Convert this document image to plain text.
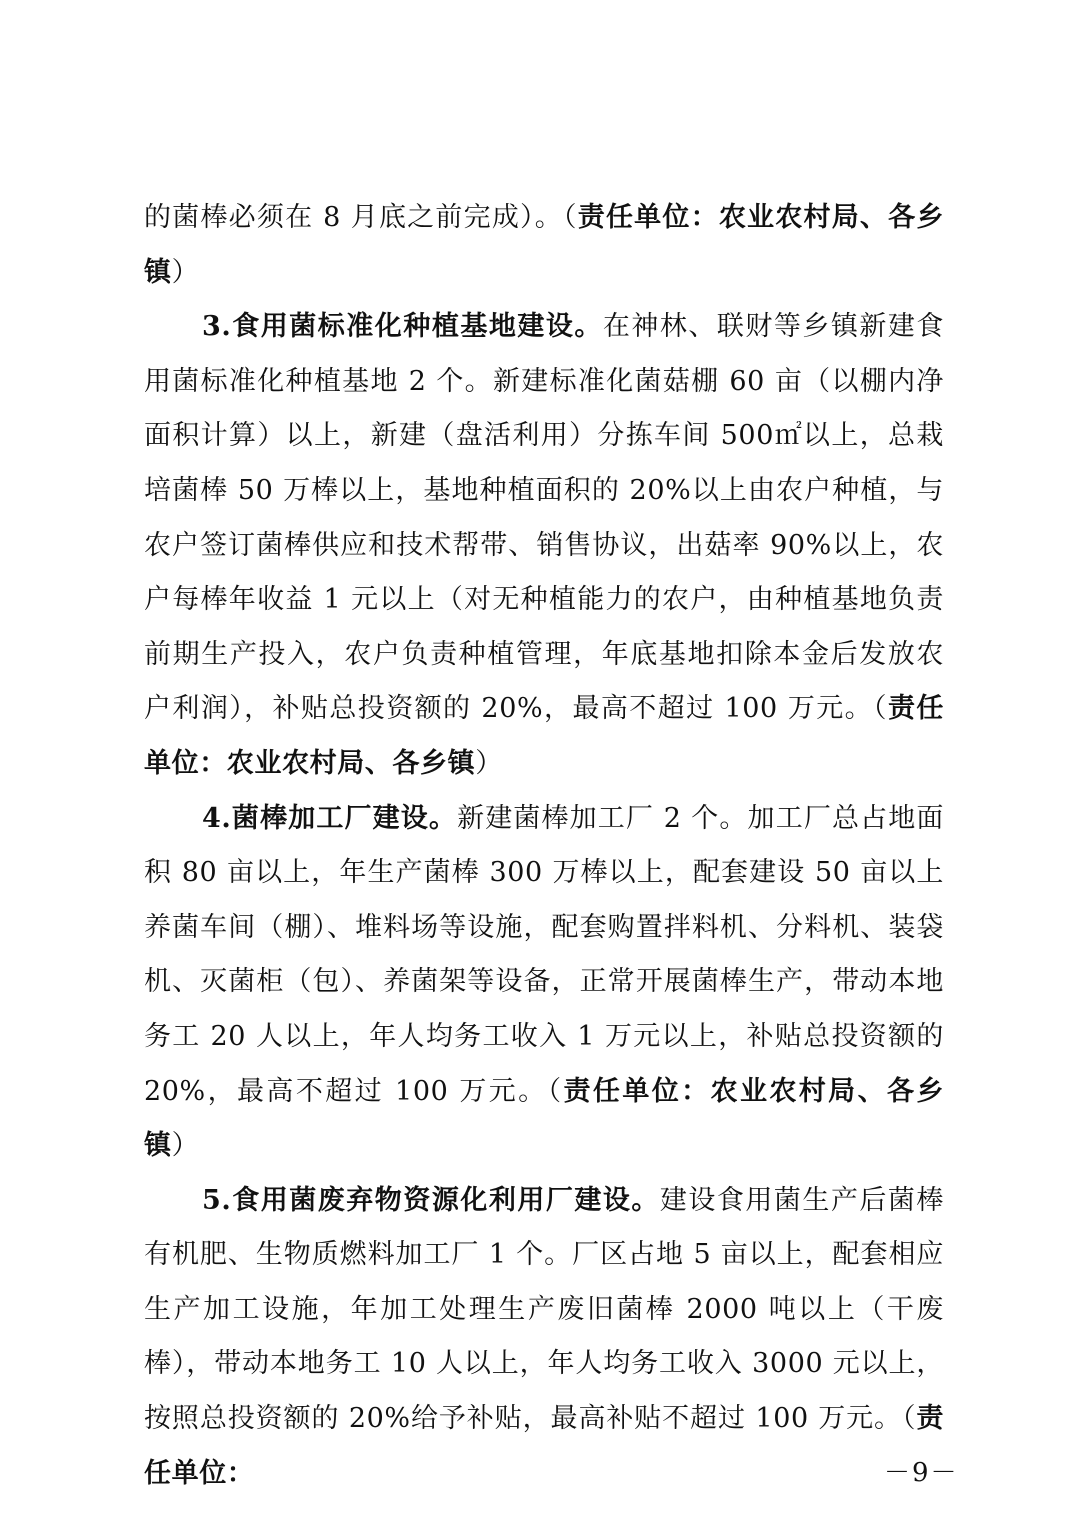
的菌棒必须在 8 月底之前完成）。（责任单位：农业农村局、各乡镇）

3.食用菌标准化种植基地建设。在神林、联财等乡镇新建食用菌标准化种植基地 2 个。新建标准化菌菇棚 60 亩（以棚内净面积计算）以上，新建（盘活利用）分拣车间 500㎡以上，总栽培菌棒 50 万棒以上，基地种植面积的 20%以上由农户种植，与农户签订菌棒供应和技术帮带、销售协议，出菇率 90%以上，农户每棒年收益 1 元以上（对无种植能力的农户，由种植基地负责前期生产投入，农户负责种植管理，年底基地扣除本金后发放农户利润），补贴总投资额的 20%，最高不超过 100 万元。（责任单位：农业农村局、各乡镇）

4.菌棒加工厂建设。新建菌棒加工厂 2 个。加工厂总占地面积 80 亩以上，年生产菌棒 300 万棒以上，配套建设 50 亩以上养菌车间（棚）、堆料场等设施，配套购置拌料机、分料机、装袋机、灭菌柜（包）、养菌架等设备，正常开展菌棒生产，带动本地务工 20 人以上，年人均务工收入 1 万元以上，补贴总投资额的 20%，最高不超过 100 万元。（责任单位：农业农村局、各乡镇）

5.食用菌废弃物资源化利用厂建设。建设食用菌生产后菌棒有机肥、生物质燃料加工厂 1 个。厂区占地 5 亩以上，配套相应生产加工设施，年加工处理生产废旧菌棒 2000 吨以上（干废棒），带动本地务工 10 人以上，年人均务工收入 3000 元以上，按照总投资额的 20%给予补贴，最高补贴不超过 100 万元。（责任单位：	－9－
